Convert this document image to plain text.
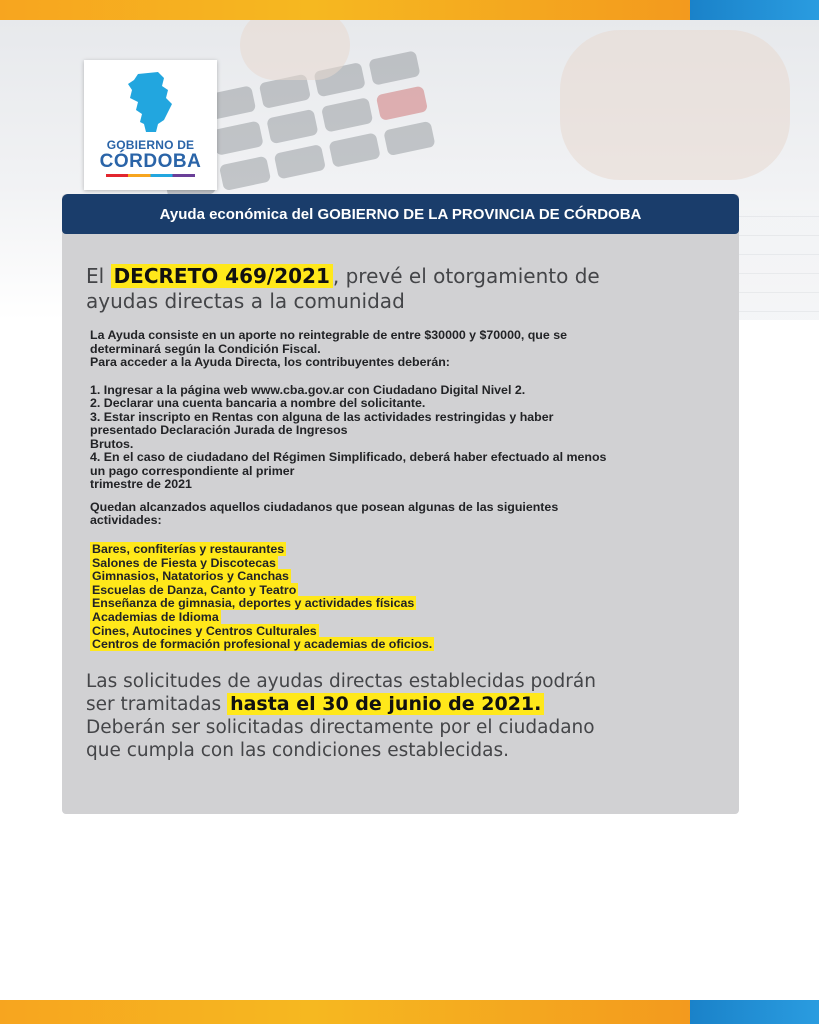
GOBIERNO DE
CÓRDOBA
Ayuda económica del GOBIERNO DE LA PROVINCIA DE CÓRDOBA
El DECRETO 469/2021 , prevé el otorgamiento de
ayudas directas a la comunidad

La Ayuda consiste en un aporte no reintegrable de entre $30000 y $70000, que se

determinará según la Condición Fiscal.

Para acceder a la Ayuda Directa, los contribuyentes deberán:

1. Ingresar a la página web www.cba.gov.ar con Ciudadano Digital Nivel 2.

2. Declarar una cuenta bancaria a nombre del solicitante.

3. Estar inscripto en Rentas con alguna de las actividades restringidas y haber

presentado Declaración Jurada de Ingresos

Brutos.

4. En el caso de ciudadano del Régimen Simplificado, deberá haber efectuado al menos

un pago correspondiente al primer

trimestre de 2021

Quedan alcanzados aquellos ciudadanos que posean algunas de las siguientes

actividades:

Bares, confiterías y restaurantes
Salones de Fiesta y Discotecas
Gimnasios, Natatorios y Canchas
Escuelas de Danza, Canto y Teatro
Enseñanza de gimnasia, deportes y actividades físicas
Academias de Idioma
Cines, Autocines y Centros Culturales
Centros de formación profesional y academias de oficios.
Las solicitudes de ayudas directas establecidas podrán
ser tramitadas hasta el 30 de junio de 2021.
Deberán ser solicitadas directamente por el ciudadano
que cumpla con las condiciones establecidas.
